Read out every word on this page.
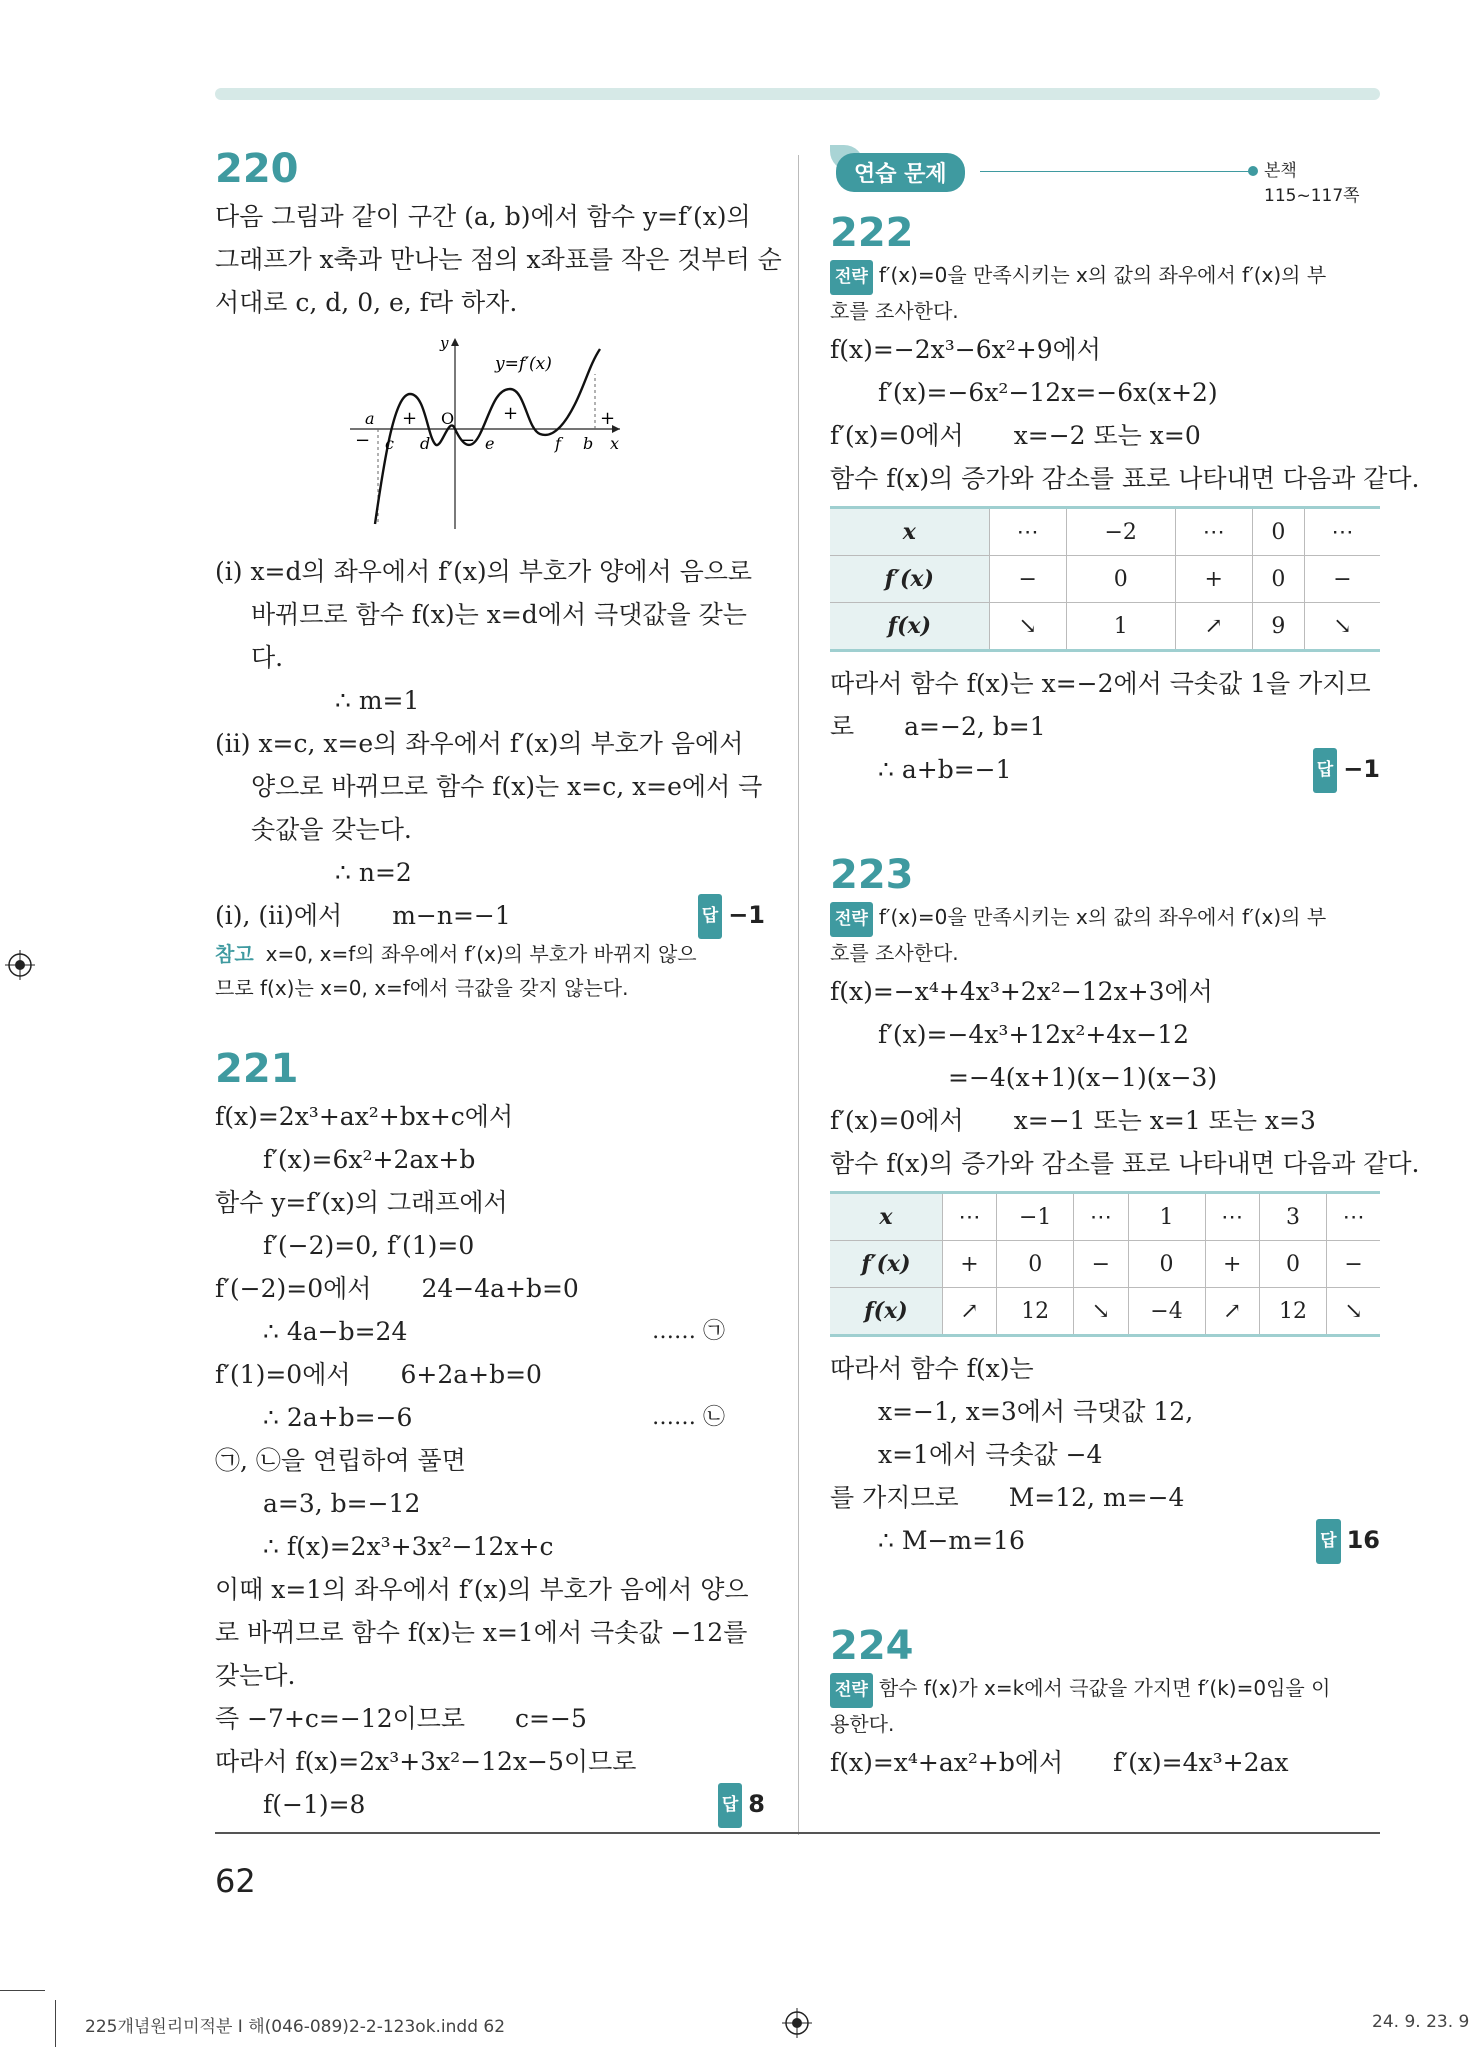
220
다음 그림과 같이 구간 (a, b)에서 함수 y=f′(x)의
그래프가 x축과 만나는 점의 x좌표를 작은 것부터 순
서대로 c, d, 0, e, f라 하자.
y=f′(x)
y
x
O
a
c d	e	f b
−
+
−
+	+
(i) x=d의 좌우에서 f′(x)의 부호가 양에서 음으로
바뀌므로 함수 f(x)는 x=d에서 극댓값을 갖는
다.
∴ m=1
(ii) x=c, x=e의 좌우에서 f′(x)의 부호가 음에서
양으로 바뀌므로 함수 f(x)는 x=c, x=e에서 극
솟값을 갖는다.
∴ n=2
(i), (ii)에서　　m−n=−1	답 −1
참고 x=0, x=f의 좌우에서 f′(x)의 부호가 바뀌지 않으
므로 f(x)는 x=0, x=f에서 극값을 갖지 않는다.
221
f(x)=2x³+ax²+bx+c에서
f′(x)=6x²+2ax+b
함수 y=f′(x)의 그래프에서
f′(−2)=0, f′(1)=0
f′(−2)=0에서　　24−4a+b=0
∴ 4a−b=24	…… ㉠
f′(1)=0에서　　6+2a+b=0
∴ 2a+b=−6	…… ㉡
㉠, ㉡을 연립하여 풀면
a=3, b=−12
∴ f(x)=2x³+3x²−12x+c
이때 x=1의 좌우에서 f′(x)의 부호가 음에서 양으
로 바뀌므로 함수 f(x)는 x=1에서 극솟값 −12를
갖는다.
즉 −7+c=−12이므로　　c=−5
따라서 f(x)=2x³+3x²−12x−5이므로
f(−1)=8	답 8
연습 문제	본책 115~117쪽
222
전략 f′(x)=0을 만족시키는 x의 값의 좌우에서 f′(x)의 부
호를 조사한다.
f(x)=−2x³−6x²+9에서
f′(x)=−6x²−12x=−6x(x+2)
f′(x)=0에서　　x=−2 또는 x=0
함수 f(x)의 증가와 감소를 표로 나타내면 다음과 같다.
x	⋯	−2	⋯	0	⋯
f′(x)	−	0	+	0	−
f(x)	↘	1	↗	9	↘
따라서 함수 f(x)는 x=−2에서 극솟값 1을 가지므
로　　a=−2, b=1
∴ a+b=−1	답 −1
223
전략 f′(x)=0을 만족시키는 x의 값의 좌우에서 f′(x)의 부
호를 조사한다.
f(x)=−x⁴+4x³+2x²−12x+3에서
f′(x)=−4x³+12x²+4x−12
=−4(x+1)(x−1)(x−3)
f′(x)=0에서　　x=−1 또는 x=1 또는 x=3
함수 f(x)의 증가와 감소를 표로 나타내면 다음과 같다.
x	⋯	−1	⋯	1	⋯	3	⋯
f′(x)	+	0	−	0	+	0	−
f(x)	↗	12	↘	−4	↗	12	↘
따라서 함수 f(x)는
x=−1, x=3에서 극댓값 12,
x=1에서 극솟값 −4
를 가지므로　　M=12, m=−4
∴ M−m=16	답 16
224
전략 함수 f(x)가 x=k에서 극값을 가지면 f′(k)=0임을 이
용한다.
f(x)=x⁴+ax²+b에서　　f′(x)=4x³+2ax
62
225개념원리미적분 I 해(046-089)2-2-123ok.indd 62	24. 9. 23. 9
